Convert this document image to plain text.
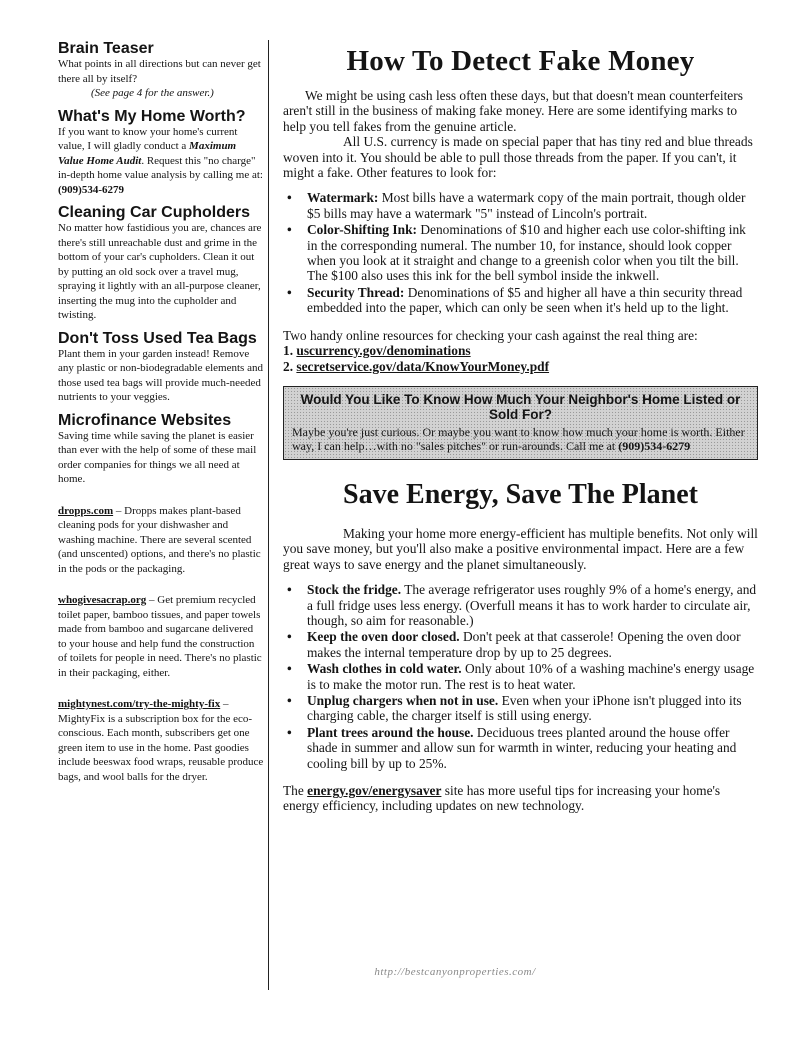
Brain Teaser

What points in all directions but can never get there all by itself?

(See page 4 for the answer.)

What's My Home Worth?

If you want to know your home's current value, I will gladly conduct a Maximum Value Home Audit. Request this "no charge" in-depth home value analysis by calling me at:

(909)534-6279

Cleaning Car Cupholders

No matter how fastidious you are, chances are there's still unreachable dust and grime in the bottom of your car's cupholders. Clean it out by putting an old sock over a travel mug, spraying it lightly with an all-purpose cleaner, inserting the mug into the cupholder and twisting.

Don't Toss Used Tea Bags

Plant them in your garden instead! Remove any plastic or non-biodegradable elements and those used tea bags will provide much-needed nutrients to your veggies.

Microfinance Websites

Saving time while saving the planet is easier than ever with the help of some of these mail order companies for things we all need at home.

dropps.com – Dropps makes plant-based cleaning pods for your dishwasher and washing machine. There are several scented (and unscented) options, and there's no plastic in the pods or the packaging.

whogivesacrap.org – Get premium recycled toilet paper, bamboo tissues, and paper towels made from bamboo and sugarcane delivered to your house and help fund the construction of toilets for people in need. There's no plastic in their packaging, either.

mightynest.com/try-the-mighty-fix – MightyFix is a subscription box for the eco-conscious. Each month, subscribers get one green item to use in the home. Past goodies include beeswax food wraps, reusable produce bags, and wool balls for the dryer.

How To Detect Fake Money

We might be using cash less often these days, but that doesn't mean counterfeiters aren't still in the business of making fake money. Here are some identifying marks to help you tell fakes from the genuine article.

All U.S. currency is made on special paper that has tiny red and blue threads woven into it. You should be able to pull those threads from the paper. If you can't, it might a fake. Other features to look for:

• Watermark: Most bills have a watermark copy of the main portrait, though older $5 bills may have a watermark "5" instead of Lincoln's portrait.
• Color-Shifting Ink: Denominations of $10 and higher each use color-shifting ink in the corresponding numeral. The number 10, for instance, should look copper when you look at it straight and change to a greenish color when you tilt the bill. The $100 also uses this ink for the bell symbol inside the inkwell.
• Security Thread: Denominations of $5 and higher all have a thin security thread embedded into the paper, which can only be seen when it's held up to the light.

Two handy online resources for checking your cash against the real thing are:

1. uscurrency.gov/denominations

2. secretservice.gov/data/KnowYourMoney.pdf

Would You Like To Know How Much Your Neighbor's Home Listed or Sold For?

Maybe you're just curious. Or maybe you want to know how much your home is worth. Either way, I can help…with no "sales pitches" or run-arounds. Call me at (909)534-6279

Save Energy, Save The Planet

Making your home more energy-efficient has multiple benefits. Not only will you save money, but you'll also make a positive environmental impact. Here are a few great ways to save energy and the planet simultaneously.

• Stock the fridge. The average refrigerator uses roughly 9% of a home's energy, and a full fridge uses less energy. (Overfull means it has to work harder to circulate air, though, so aim for reasonable.)
• Keep the oven door closed. Don't peek at that casserole! Opening the oven door makes the internal temperature drop by up to 25 degrees.
• Wash clothes in cold water. Only about 10% of a washing machine's energy usage is to make the motor run. The rest is to heat water.
• Unplug chargers when not in use. Even when your iPhone isn't plugged into its charging cable, the charger itself is still using energy.
• Plant trees around the house. Deciduous trees planted around the house offer shade in summer and allow sun for warmth in winter, reducing your heating and cooling bill by up to 25%.

The energy.gov/energysaver site has more useful tips for increasing your home's energy efficiency, including updates on new technology.

http://bestcanyonproperties.com/
